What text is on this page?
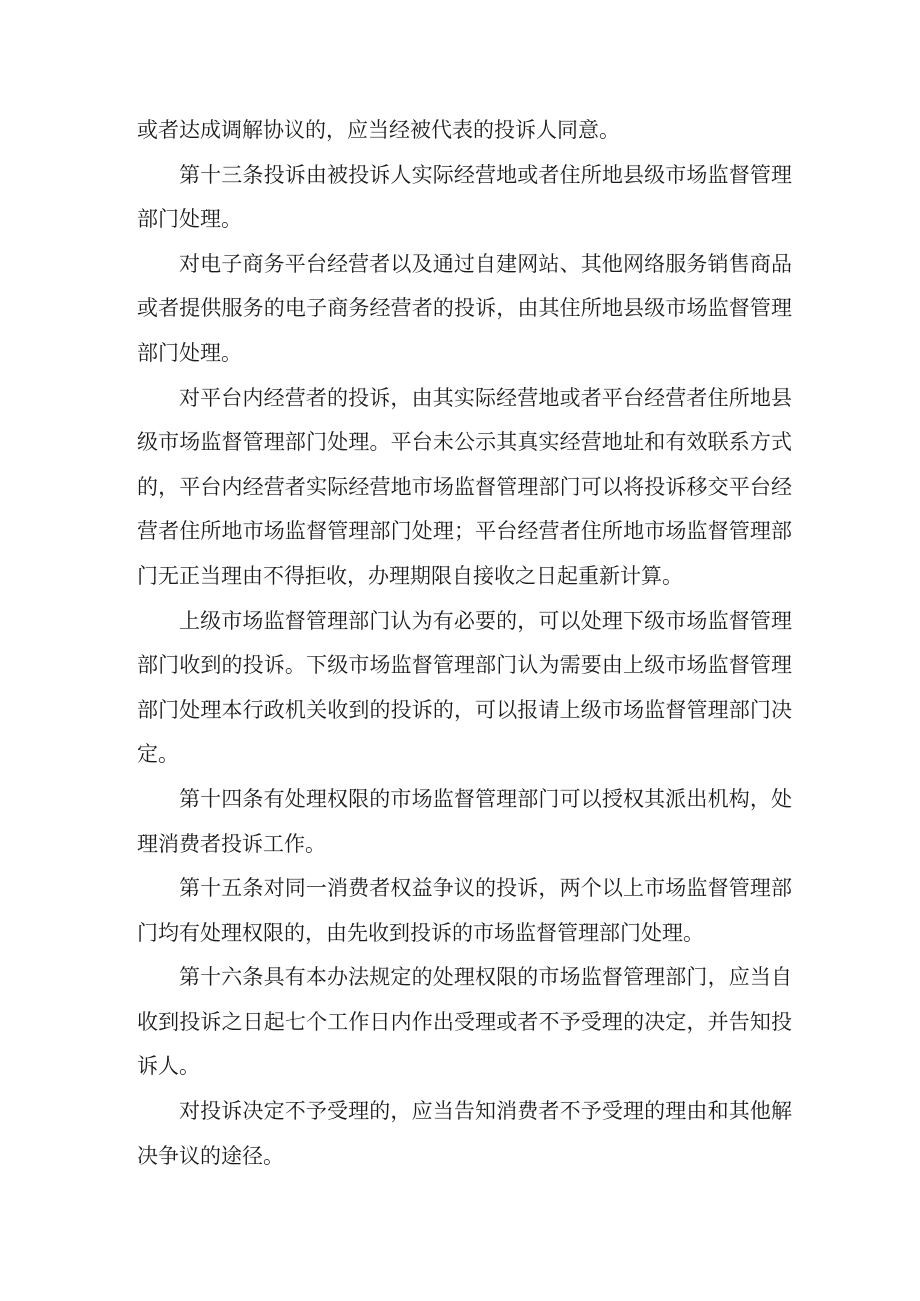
或者达成调解协议的，应当经被代表的投诉人同意。

第十三条投诉由被投诉人实际经营地或者住所地县级市场监督管理部门处理。

对电子商务平台经营者以及通过自建网站、其他网络服务销售商品或者提供服务的电子商务经营者的投诉，由其住所地县级市场监督管理部门处理。

对平台内经营者的投诉，由其实际经营地或者平台经营者住所地县级市场监督管理部门处理。平台未公示其真实经营地址和有效联系方式的，平台内经营者实际经营地市场监督管理部门可以将投诉移交平台经营者住所地市场监督管理部门处理；平台经营者住所地市场监督管理部门无正当理由不得拒收，办理期限自接收之日起重新计算。

上级市场监督管理部门认为有必要的，可以处理下级市场监督管理部门收到的投诉。下级市场监督管理部门认为需要由上级市场监督管理部门处理本行政机关收到的投诉的，可以报请上级市场监督管理部门决定。

第十四条有处理权限的市场监督管理部门可以授权其派出机构，处理消费者投诉工作。

第十五条对同一消费者权益争议的投诉，两个以上市场监督管理部门均有处理权限的，由先收到投诉的市场监督管理部门处理。

第十六条具有本办法规定的处理权限的市场监督管理部门，应当自收到投诉之日起七个工作日内作出受理或者不予受理的决定，并告知投诉人。

对投诉决定不予受理的，应当告知消费者不予受理的理由和其他解决争议的途径。
